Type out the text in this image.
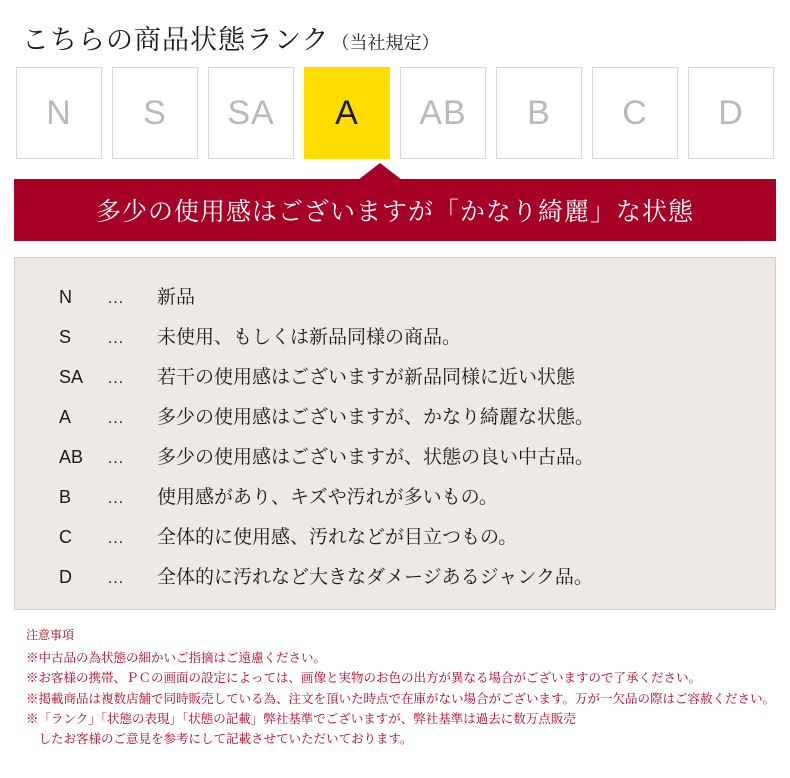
こちらの商品状態ランク （当社規定）
N	S	SA	A	AB	B	C	D
多少の使用感はございますが「かなり綺麗」な状態
N	…	新品
S	…	未使用、もしくは新品同様の商品。
SA	…	若干の使用感はございますが新品同様に近い状態
A	…	多少の使用感はございますが、かなり綺麗な状態。
AB	…	多少の使用感はございますが、状態の良い中古品。
B	…	使用感があり、キズや汚れが多いもの。
C	…	全体的に使用感、汚れなどが目立つもの。
D	…	全体的に汚れなど大きなダメージあるジャンク品。
注意事項
※中古品の為状態の細かいご指摘はご遠慮ください。
※お客様の携帯、ＰＣの画面の設定によっては、画像と実物のお色の出方が異なる場合がございますので了承ください。
※掲載商品は複数店舗で同時販売している為、注文を頂いた時点で在庫がない場合がございます。万が一欠品の際はご容赦ください。
※「ランク」「状態の表現」「状態の記載」弊社基準でございますが、弊社基準は過去に数万点販売
　したお客様のご意見を参考にして記載させていただいております。
